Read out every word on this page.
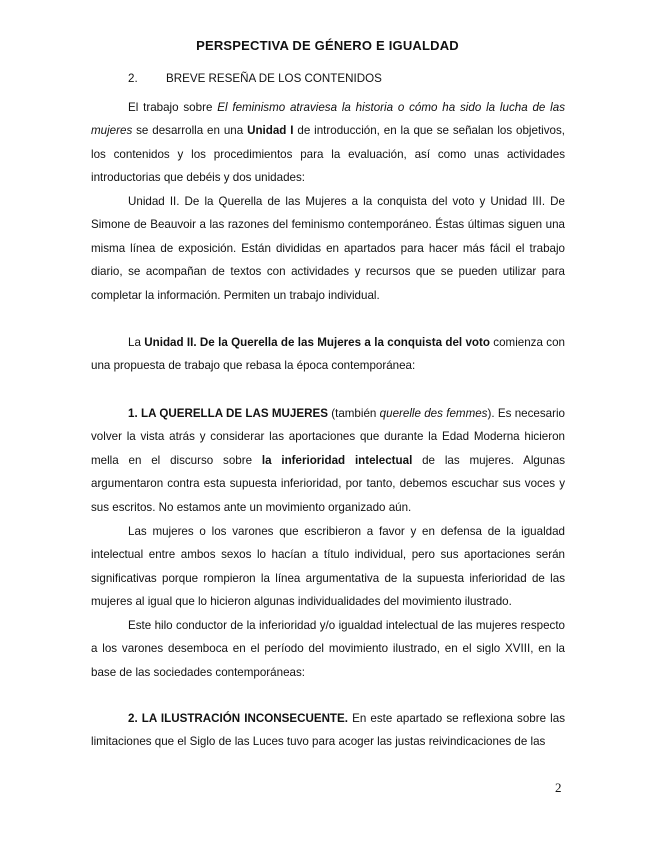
PERSPECTIVA DE GÉNERO E IGUALDAD
2. BREVE RESEÑA DE LOS CONTENIDOS

El trabajo sobre El feminismo atraviesa la historia o cómo ha sido la lucha de las mujeres se desarrolla en una Unidad I de introducción, en la que se señalan los objetivos, los contenidos y los procedimientos para la evaluación, así como unas actividades introductorias que debéis y dos unidades:

Unidad II. De la Querella de las Mujeres a la conquista del voto y Unidad III. De Simone de Beauvoir a las razones del feminismo contemporáneo. Éstas últimas siguen una misma línea de exposición. Están divididas en apartados para hacer más fácil el trabajo diario, se acompañan de textos con actividades y recursos que se pueden utilizar para completar la información. Permiten un trabajo individual.

La Unidad II. De la Querella de las Mujeres a la conquista del voto comienza con una propuesta de trabajo que rebasa la época contemporánea:

1. LA QUERELLA DE LAS MUJERES (también querelle des femmes). Es necesario volver la vista atrás y considerar las aportaciones que durante la Edad Moderna hicieron mella en el discurso sobre la inferioridad intelectual de las mujeres. Algunas argumentaron contra esta supuesta inferioridad, por tanto, debemos escuchar sus voces y sus escritos. No estamos ante un movimiento organizado aún.

Las mujeres o los varones que escribieron a favor y en defensa de la igualdad intelectual entre ambos sexos lo hacían a título individual, pero sus aportaciones serán significativas porque rompieron la línea argumentativa de la supuesta inferioridad de las mujeres al igual que lo hicieron algunas individualidades del movimiento ilustrado.

Este hilo conductor de la inferioridad y/o igualdad intelectual de las mujeres respecto a los varones desemboca en el período del movimiento ilustrado, en el siglo XVIII, en la base de las sociedades contemporáneas:

2. LA ILUSTRACIÓN INCONSECUENTE. En este apartado se reflexiona sobre las limitaciones que el Siglo de las Luces tuvo para acoger las justas reivindicaciones de las

2
